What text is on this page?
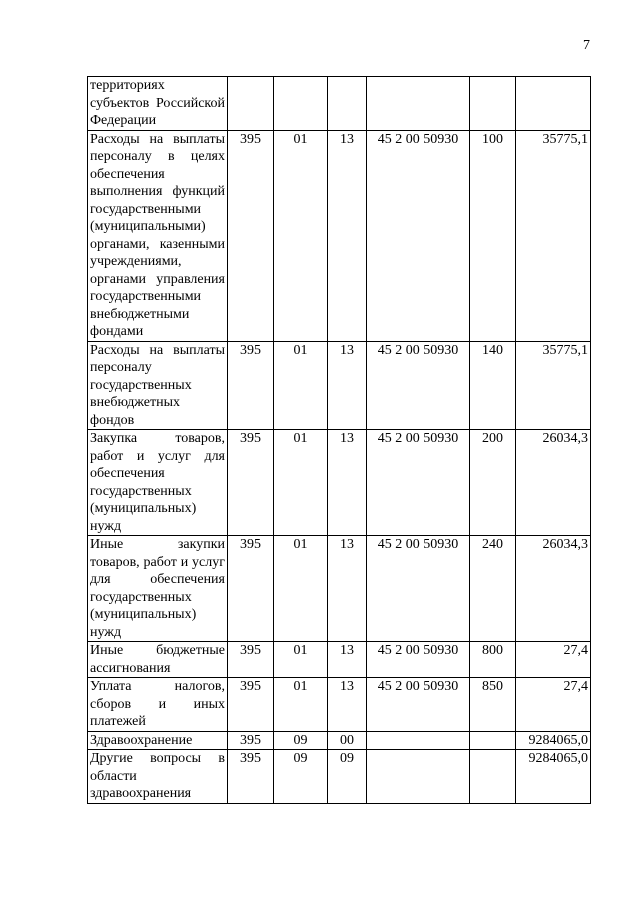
7
территориях субъектов Российской Федерации						
Расходы на выплаты персоналу в целях обеспечения выполнения функций государственными (муниципальными) органами, казенными учреждениями, органами управления государственными внебюджетными фондами	395	01	13	45 2 00 50930	100	35775,1
Расходы на выплаты персоналу государственных внебюджетных фондов	395	01	13	45 2 00 50930	140	35775,1
Закупка товаров, работ и услуг для обеспечения государственных (муниципальных) нужд	395	01	13	45 2 00 50930	200	26034,3
Иные закупки товаров, работ и услуг для обеспечения государственных (муниципальных) нужд	395	01	13	45 2 00 50930	240	26034,3
Иные бюджетные ассигнования	395	01	13	45 2 00 50930	800	27,4
Уплата налогов, сборов и иных платежей	395	01	13	45 2 00 50930	850	27,4
Здравоохранение	395	09	00			9284065,0
Другие вопросы в области здравоохранения	395	09	09			9284065,0
